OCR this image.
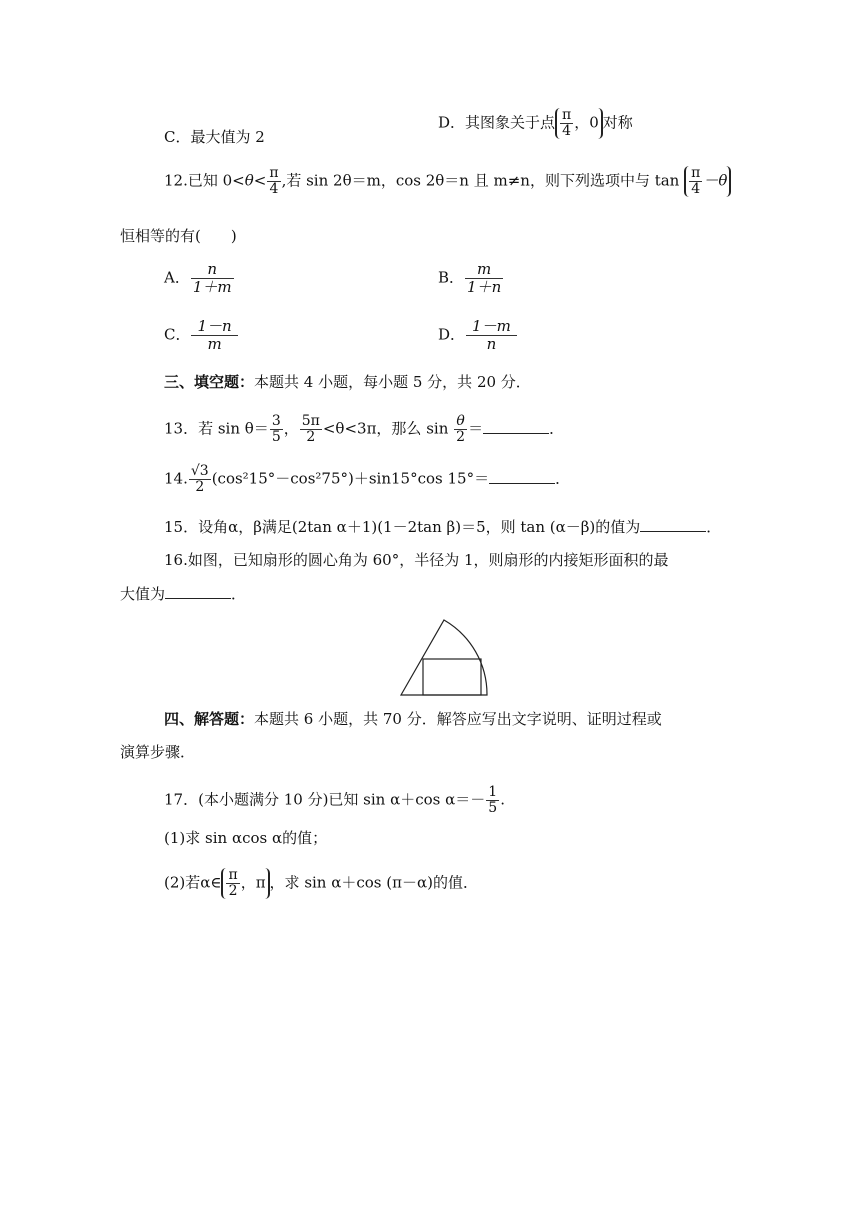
C．最大值为 2
D．其图象关于点 $\frac{\pi}{4}$ ，0 对称
12.已知 $0<\theta< \frac{\pi}{4}$ ,若 sin 2θ＝m，cos 2θ＝n 且 m≠n，则下列选项中与 $\tan \frac{\pi}{4} -\theta$
恒相等的有(　　)
A． $\frac{n}{1+m}$	B． $\frac{m}{1+n}$
C． $\frac{1-n}{m}$	D． $\frac{1-m}{n}$
三、填空题：本题共 4 小题，每小题 5 分，共 20 分．
13．若 $\sin \theta= \frac{3}{5}$ ， $\frac{5\pi}{2} <\theta<3\pi$，那么 $\sin \frac{\theta}{2}$ ＝	．
14. $\frac{√3}{2} (\cos^215^\circ-\cos^275^\circ)+\sin 15^\circ\cos$ 15°＝	．
15．设角α，β满足(2tan α＋1)(1－2tan β)＝5，则 tan (α－β)的值为	．
16.如图，已知扇形的圆心角为 60°，半径为 1，则扇形的内接矩形面积的最
大值为	．
四、解答题：本题共 6 小题，共 70 分．解答应写出文字说明、证明过程或
演算步骤．
17．(本小题满分 10 分)已知 sin α＋cos $\alpha=- \frac{1}{5}$ .
(1)求 sin αcos α的值；
(2)若α∈ $\frac{\pi}{2}$ ，π ，求 sin α＋cos (π－α)的值．
